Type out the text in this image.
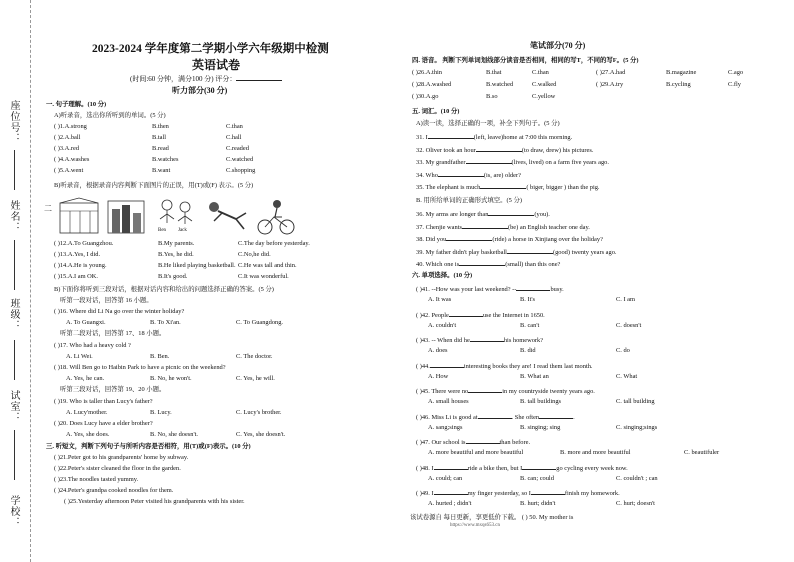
座位号：
姓名：
班级：
试室：
学校：
2023-2024 学年度第二学期小学六年级期中检测
英语试卷
(时间:60 分钟，满分100 分) 评分：
听力部分(30 分)
一. 句子理解。(10 分)
A)听录音，选出你所听到的单词。(5 分)
( )1.A.strong	B.then	C.than
( )2.A.ball	B.tall	C.hall
( )3.A.red	B.read	C.readed
( )4.A.washes	B.watches	C.watched
( )5.A.went	B.want	C.shopping
B)听录音，根据录音内容判断下面图片的正误，用(T)或(F) 表示。(5 分)
二
Ben Jack
( )12.A.To Guangzhou.	B.My parents.	C.The day before yesterday.
( )13.A.Yes, I did.	B.Yes, he did.	C.No,he did.
( )14.A.He is young.	B.He liked playing basketball. C.He was tall and thin.
( )15.A.I am OK.	B.It's good.	C.It was wonderful.
B)下面你将听到三段对话，根据对话内容和给出的问题选择正确的答案。(5 分)
听第一段对话，回答第 16 小题。
( )16. Where did Li Na go over the winter holiday?
A. To Guangxi.	B. To Xi'an.	C. To Guangdong.
听第二段对话，回答第 17、18 小题。
( )17. Who had a heavy cold ?
A. Li Wei.	B. Ben.	C. The doctor.
( )18. Will Ben go to Haibin Park to have a picnic on the weekend?
A. Yes, he can.	B. No, he won't.	C. Yes, he will.
听第三段对话，回答第 19、20 小题。
( )19. Who is taller than Lucy's father?
A. Lucy'mother.	B. Lucy.	C. Lucy's brother.
( )20. Does Lucy have a elder brother?
A. Yes, she does.	B. No, she doesn't.	C. Yes, she doesn't.
三. 听短文，判断下列句子与所听内容是否相符，用(T)或(F)表示。(10 分)
( )21.Peter got to his grandparents' home by subway.
( )22.Peter's sister cleaned the floor in the garden.
( )23.The noodles tasted yummy.
( )24.Peter's grandpa cooked noodles for them.
( )25.Yesterday afternoon Peter visited his grandparents with his sister.
笔试部分(70 分)
四. 语音。 判断下列单词划线部分读音是否相同，相同的写T，不同的写F。(5 分)
( )26.A.thin	B.that	C.than	( )27.A.had	B.magazine	C.ago
( )28.A.washed	B.watched	C.walked	( )29.A.try	B.cycling	C.fly
( )30.A.go	B.so	C.yellow
五. 词汇。(10 分)
A)读一读，选择正确的一项，补全下列句子。(5 分)
31. I	(left, leave)home at 7:00 this morning.
32. Oliver took an hour	(to draw, drew) his pictures.
33. My grandfather	(lives, lived) on a farm five years ago.
34. Who	(is, are) older?
35. The elephant is much	( biger, bigger ) than the pig.
B. 用所给单词的正确形式填空。(5 分)
36. My arms are longer than	(you).
37. Chenjie wants	(be) an English teacher one day.
38. Did you	(ride) a horse in Xinjiang over the holiday?
39. My father didn't play basketball	(good) twenty years ago.
40. Which one is	(small) than this one?
六. 单项选择。(10 分)
( )41. --How was your last weekend? --	busy.
A. It was	B. It's	C. I am
( )42. People	use the Internet in 1650.
A. couldn't	B. can't	C. doesn't
( )43. -- When did he	his homework?
A. does	B. did	C. do
( )44.	interesting books they are! I read them last month.
A. How	B. What an	C. What
( )45. There were no	in my countryside twenty years ago.
A. small houses	B. tall buildings	C. tall building
( )46. Miss Li is good at	. She often	.
A. sang;sings	B. singing; sing	C. singing;sings
( )47. Our school is	than before.
A. more beautiful and more beautiful	B. more and more beautiful	C. beautifuler
( )48. I	ride a bike then, but I	go cycling every week now.
A. could; can	B. can; could	C. couldn't ; can
( )49. I	my finger yesterday, so I	finish my homework.
A. hurted ; didn't	B. hurt; didn't	C. hurt; doesn't
该试卷源自 每日更新，享更低价下载。 ( ) 50. My mother is
https://www.mxqs653.cn
